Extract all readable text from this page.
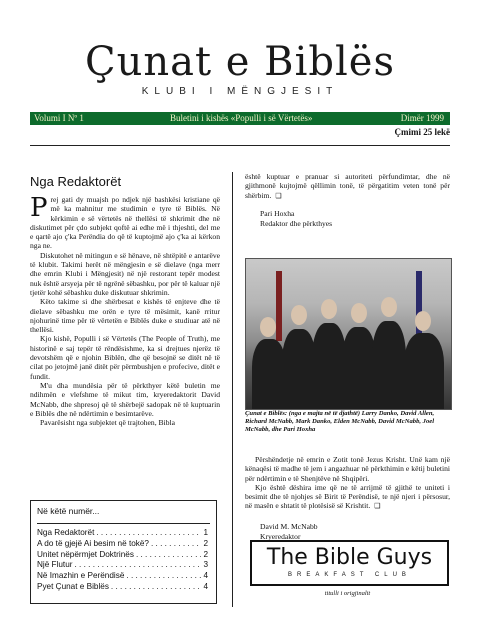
Çunat e Biblës
KLUBI I MËNGJESIT
Volumi I Nº 1	Buletini i kishës «Populli i së Vërtetës»	Dimër 1999
Çmimi 25 lekë
Nga Redaktorët

Prej gati dy muajsh po ndjek një bashkësi kristiane që më ka mahnitur me studimin e tyre të Biblës. Në kërkimin e së vërtetës në thellësi të shkrimit dhe në diskutimet për çdo subjekt qoftë ai edhe më i thjeshti, del me e qartë ajo ç'ka Perëndia do që të kuptojmë ajo ç'ka ai kërkon nga ne.

Diskutohet në mitingun e së hënave, në shtëpitë e antarëve të klubit. Takimi herët në mëngjesin e së dielave (nga merr dhe emrin Klubi i Mëngjesit) në një restorant tepër modest nuk është arsyeja për të ngrënë sëbashku, por për të kaluar një tjetër kohë sëbashku duke diskutuar shkrimin.

Këto takime si dhe shërbesat e kishës të enjteve dhe të dielave sëbashku me orën e tyre të mësimit, kanë rritur njohurinë time për të vërtetën e Biblës duke e studiuar atë në thellësi.

Kjo kishë, Populli i së Vërtetës (The People of Truth), me historinë e saj tepër të rëndësishme, ka si drejtues njerëz të devotshëm që e njohin Biblën, dhe që besojnë se ditët në të cilat po jetojmë janë ditët për përmbushjen e profecive, ditët e fundit.

M'u dha mundësia për të përkthyer këtë buletin me ndihmën e vlefshme të mikut tim, kryeredaktorit David McNabb, dhe shpresoj që të shërbejë sadopak në të kuptuarin e Biblës dhe në ndërtimin e besimtarëve.

Pavarësisht nga subjektet që trajtohen, Bibla

është kuptuar e pranuar si autoriteti përfundimtar, dhe në gjithmonë kujtojmë qëllimin tonë, të përgatitim veten tonë për shërbim. ❑

Pari Hoxha
Redaktor dhe përkthyes
Çunat e Biblës: (nga e majta në të djathtë) Larry Danko, David Allen, Richard McNabb, Mark Danko, Elden McNabb, David McNabb, Joel McNabb, dhe Pari Hoxha

Përshëndetje në emrin e Zotit tonë Jezus Krisht. Unë kam një kënaqësi të madhe të jem i angazhuar në përkthimin e këtij buletini për ndërtimin e të Shenjtëve në Shqipëri.

Kjo është dëshira ime që ne të arrijmë të gjithë te uniteti i besimit dhe të njohjes së Birit të Perëndisë, te një njeri i përsosur, në masën e shtatit të plotësisë së Krishtit. ❑

David M. McNabb
Kryeredaktor
Në këtë numër...
Nga Redaktorët . . .	1
A do të gjejë Ai besim në tokë? . . .	2
Unitet nëpërmjet Doktrinës . . .	2
Një Flutur . . .	3
Në Imazhin e Perëndisë . . .	4
Pyet Çunat e Biblës . . .	4
The Bible Guys
BREAKFAST CLUB
titulli i origjinalit
